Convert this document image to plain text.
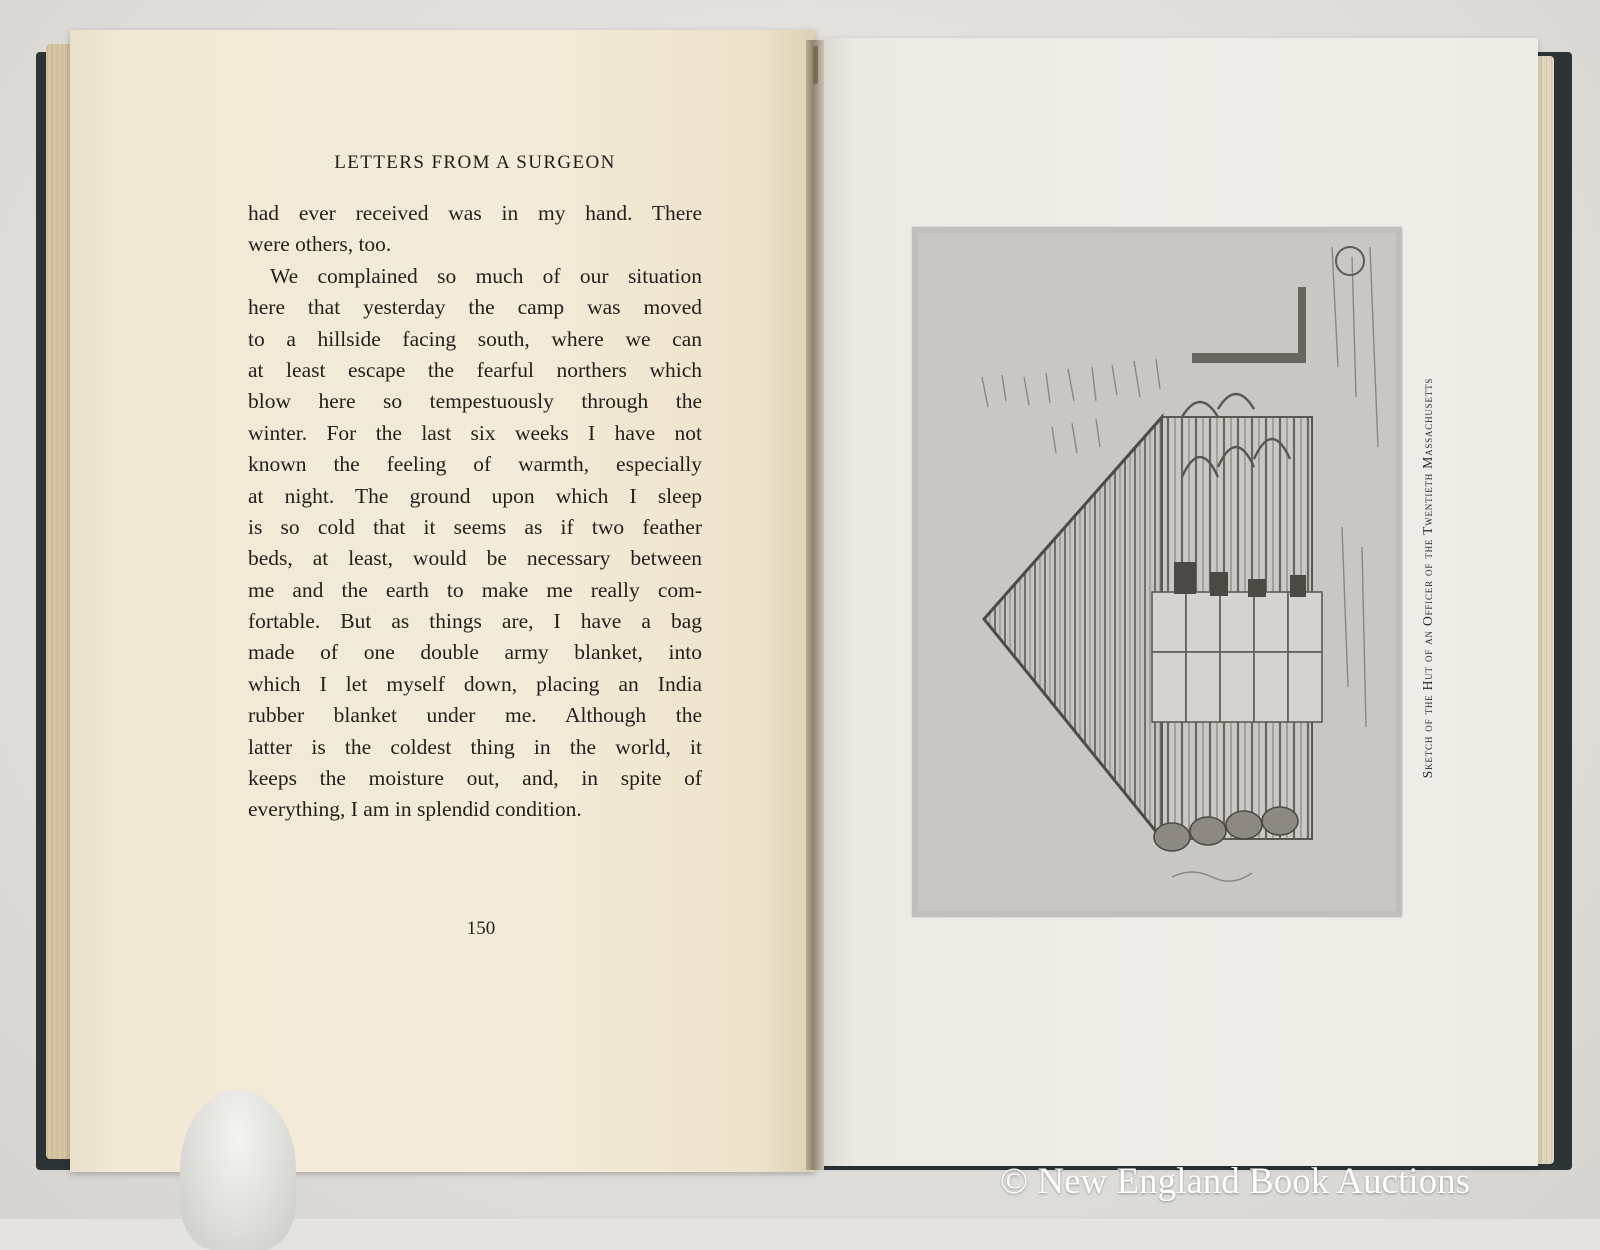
LETTERS FROM A SURGEON
had ever received was in my hand. There
were others, too.
We complained so much of our situation
here that yesterday the camp was moved
to a hillside facing south, where we can
at least escape the fearful northers which
blow here so tempestuously through the
winter. For the last six weeks I have not
known the feeling of warmth, especially
at night. The ground upon which I sleep
is so cold that it seems as if two feather
beds, at least, would be necessary between
me and the earth to make me really com-
fortable. But as things are, I have a bag
made of one double army blanket, into
which I let myself down, placing an India
rubber blanket under me. Although the
latter is the coldest thing in the world, it
keeps the moisture out, and, in spite of
everything, I am in splendid condition.
150
Sketch of the Hut of an Officer of the Twentieth Massachusetts
© New England Book Auctions
